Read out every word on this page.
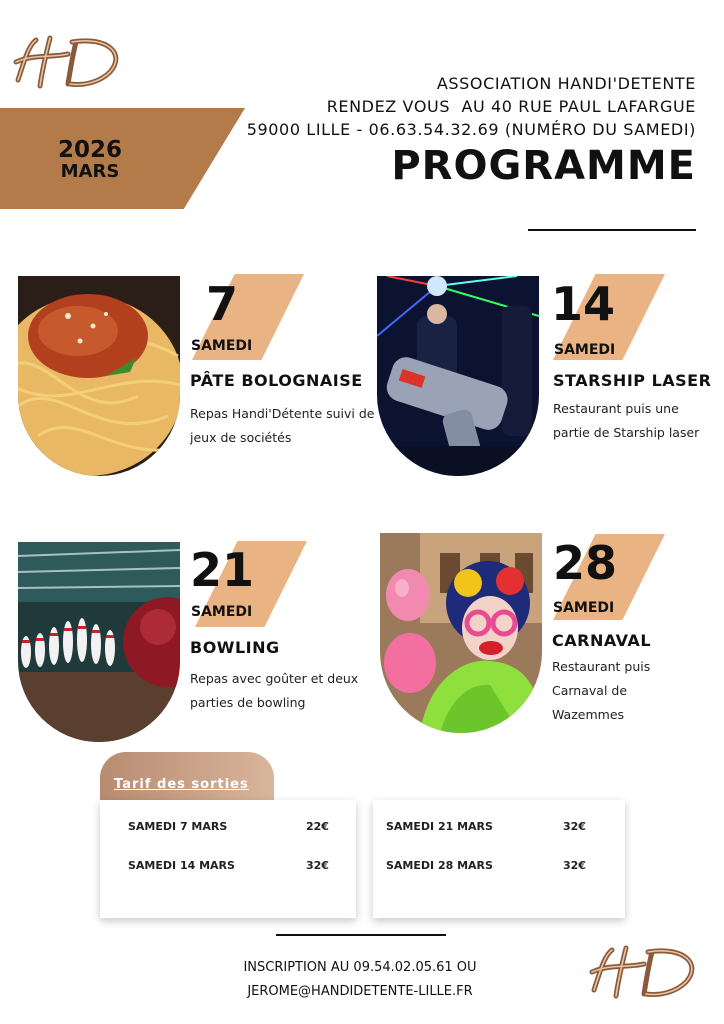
2026
MARS
ASSOCIATION HANDI'DETENTE
RENDEZ VOUS  AU 40 RUE PAUL LAFARGUE
59000 LILLE - 06.63.54.32.69 (NUMÉRO DU SAMEDI)
PROGRAMME
7
SAMEDI
PÂTE BOLOGNAISE
Repas Handi'Détente suivi de
jeux de sociétés
14
SAMEDI
STARSHIP LASER
Restaurant puis une
partie de Starship laser
21
SAMEDI
BOWLING
Repas avec goûter et deux
parties de bowling
28
SAMEDI
CARNAVAL
Restaurant puis
Carnaval de
Wazemmes
Tarif des sorties
SAMEDI 7 MARS	22€
SAMEDI 14 MARS	32€
SAMEDI 21 MARS	32€
SAMEDI 28 MARS	32€
INSCRIPTION AU 09.54.02.05.61 OU
JEROME@HANDIDETENTE-LILLE.FR
